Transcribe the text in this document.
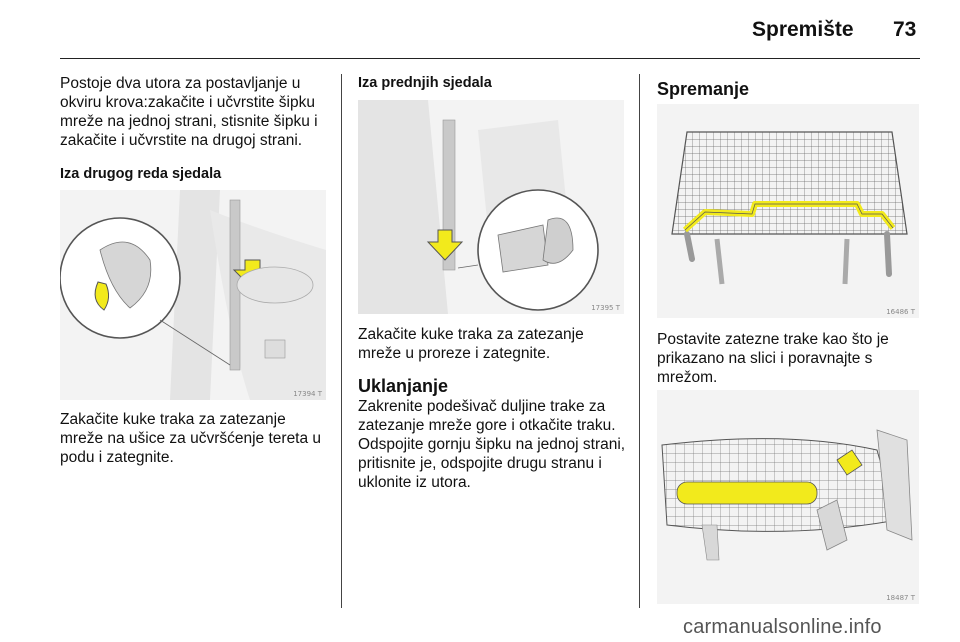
Spremište 73

Postoje dva utora za postavljanje u okviru krova:zakačite i učvrstite šipku mreže na jednoj strani, stisnite šipku i zakačite i učvrstite na drugoj strani.

Iza drugog reda sjedala

17394 T

Zakačite kuke traka za zatezanje mreže na ušice za učvršćenje tereta u podu i zategnite.

Iza prednjih sjedala

17395 T

Zakačite kuke traka za zatezanje mreže u proreze i zategnite.

Uklanjanje

Zakrenite podešivač duljine trake za zatezanje mreže gore i otkačite traku. Odspojite gornju šipku na jednoj strani, pritisnite je, odspojite drugu stranu i uklonite iz utora.

Spremanje

16486 T

Postavite zatezne trake kao što je prikazano na slici i poravnajte s mrežom.

18487 T
carmanualsonline.info
